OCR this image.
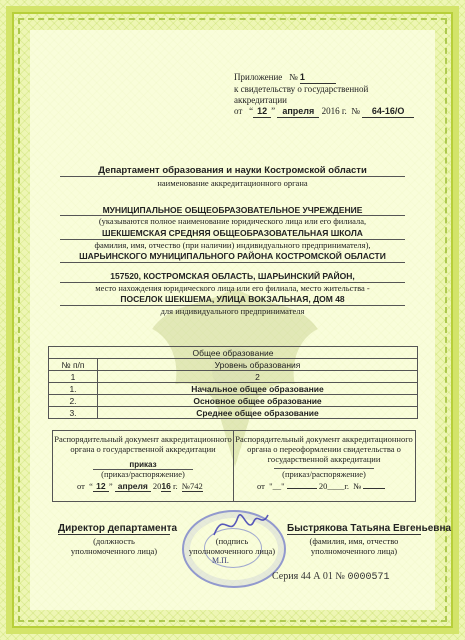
Приложение № 1
к свидетельству о государственной
аккредитации
от   “ 12 ” апреля 2016 г. № 64-16/О
Департамент образования и науки Костромской области
наименование аккредитационного органа
МУНИЦИПАЛЬНОЕ ОБЩЕОБРАЗОВАТЕЛЬНОЕ УЧРЕЖДЕНИЕ
(указываются полное наименование юридического лица или его филиала,
ШЕКШЕМСКАЯ СРЕДНЯЯ ОБЩЕОБРАЗОВАТЕЛЬНАЯ ШКОЛА
фамилия, имя, отчество (при наличии) индивидуального предпринимателя),
ШАРЬИНСКОГО МУНИЦИПАЛЬНОГО РАЙОНА КОСТРОМСКОЙ ОБЛАСТИ
157520, КОСТРОМСКАЯ ОБЛАСТЬ, ШАРЬИНСКИЙ РАЙОН,
место нахождения юридического лица или его филиала, место жительства -
ПОСЕЛОК ШЕКШЕМА, УЛИЦА ВОКЗАЛЬНАЯ, ДОМ 48
для индивидуального предпринимателя
Общее образование	
№ п/п	Уровень образования
1	2
1.	Начальное общее образование
2.	Основное общее образование
3.	Среднее общее образование
Распорядительный документ аккредитационного
органа о государственной аккредитации
приказ
(приказ/распоряжение)
от  “ 12 ” апреля 2016 г. №742
Распорядительный документ аккредитационного
органа о переоформлении свидетельства о
государственной аккредитации
(приказ/распоряжение)
от "__"	20____г. №
Директор департамента
(должность
уполномоченного лица)
(подпись
уполномоченного лица)
М.П.
Быстрякова Татьяна Евгеньевна
(фамилия, имя, отчество
уполномоченного лица)
Серия 44 А 01 № 0000571
